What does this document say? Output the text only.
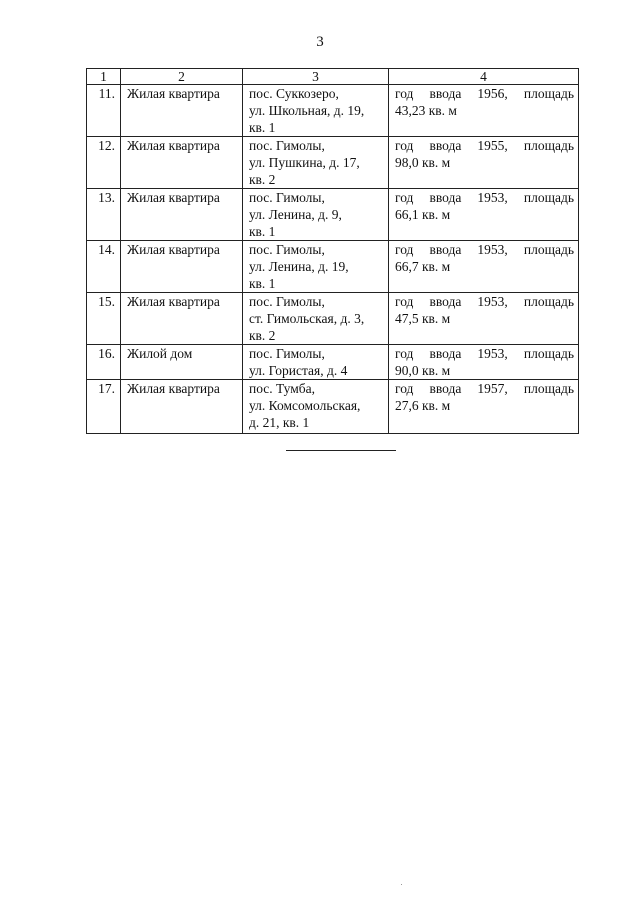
3
1	2	3	4
11.	Жилая квартира	пос. Суккозеро,
ул. Школьная, д. 19,
кв. 1	год ввода 1956, площадь
43,23 кв. м

12.	Жилая квартира	пос. Гимолы,
ул. Пушкина, д. 17,
кв. 2	год ввода 1955, площадь
98,0 кв. м

13.	Жилая квартира	пос. Гимолы,
ул. Ленина, д. 9,
кв. 1	год ввода 1953, площадь
66,1 кв. м

14.	Жилая квартира	пос. Гимолы,
ул. Ленина, д. 19,
кв. 1	год ввода 1953, площадь
66,7 кв. м

15.	Жилая квартира	пос. Гимолы,
ст. Гимольская, д. 3,
кв. 2	год ввода 1953, площадь
47,5 кв. м

16.	Жилой дом	пос. Гимолы,
ул. Гористая, д. 4	год ввода 1953, площадь
90,0 кв. м

17.	Жилая квартира	пос. Тумба,
ул. Комсомольская,
д. 21, кв. 1	год ввода 1957, площадь
27,6 кв. м
